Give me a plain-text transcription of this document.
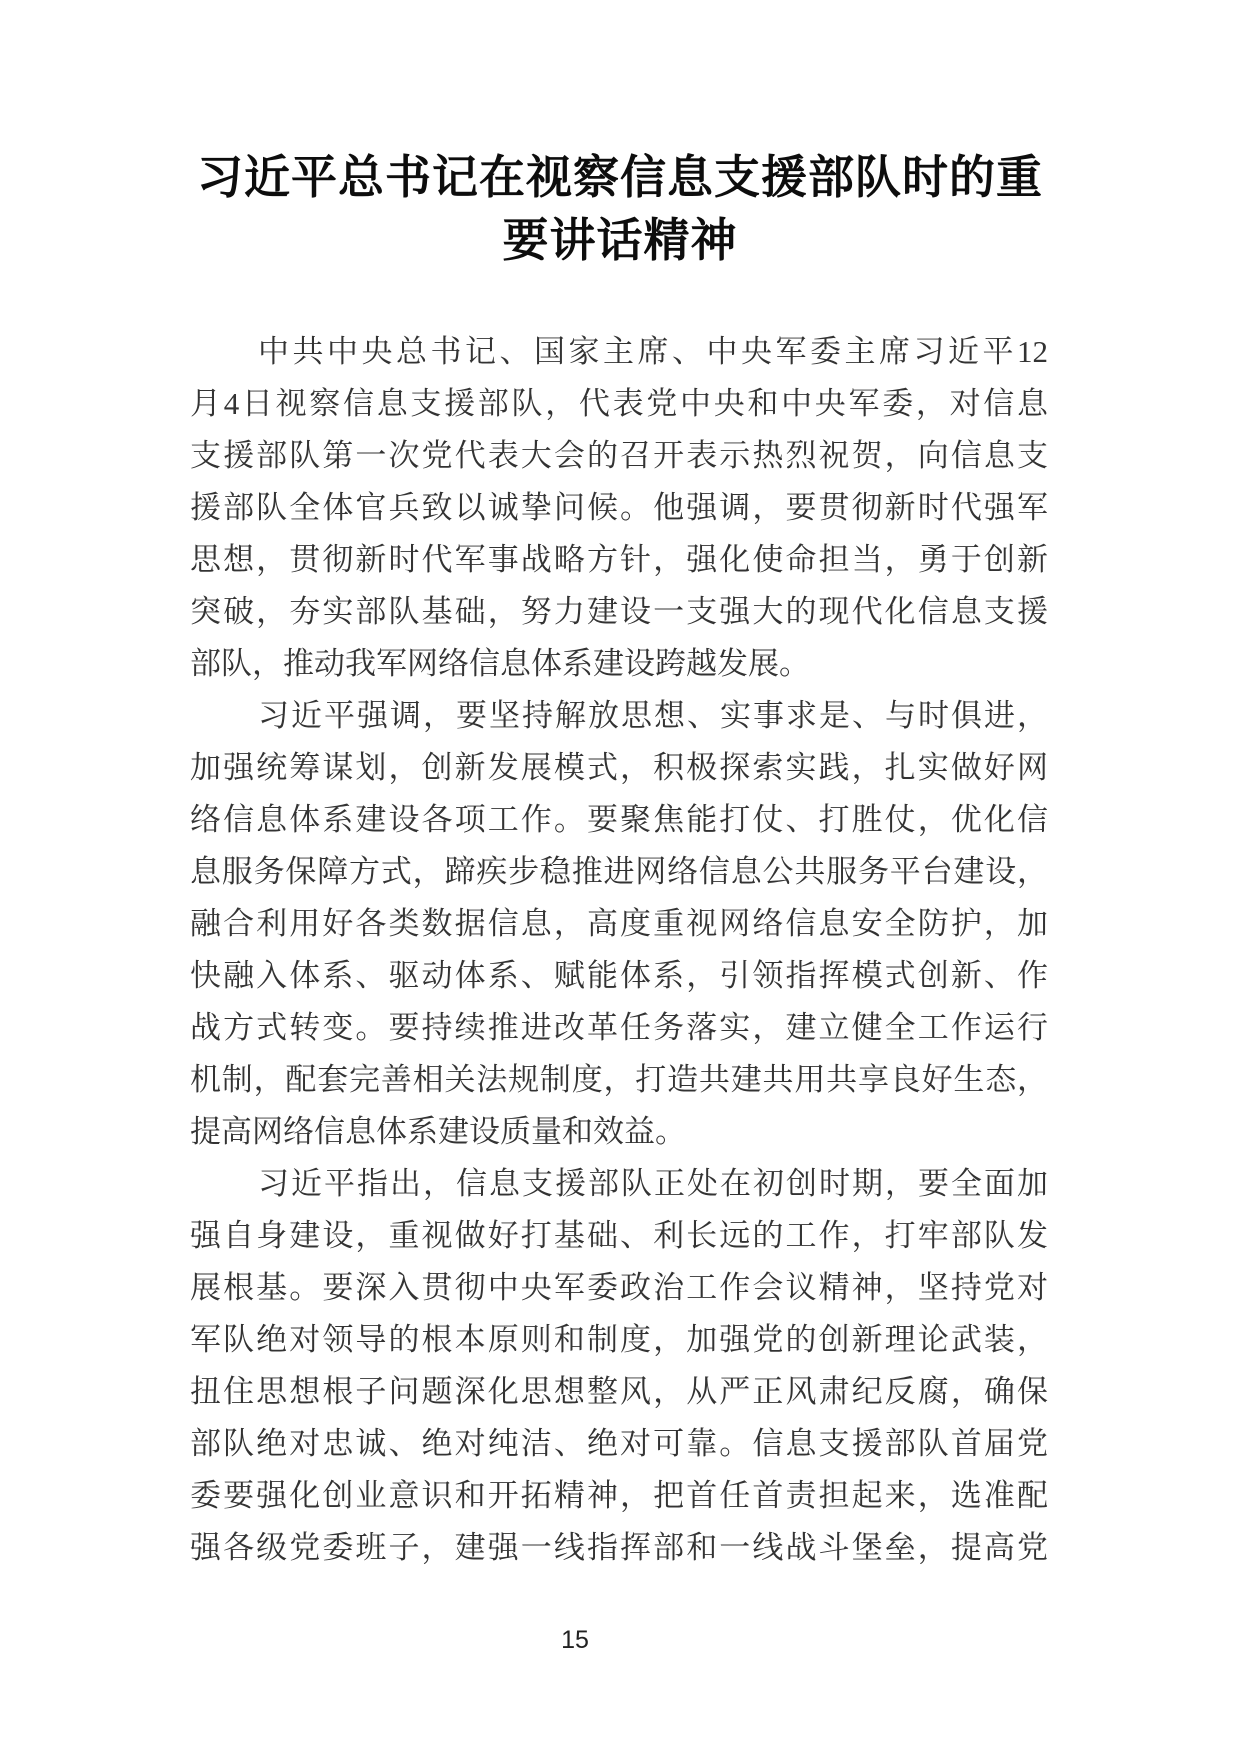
习近平总书记在视察信息支援部队时的重
要讲话精神
中共中央总书记、国家主席、中央军委主席习近平12
月4日视察信息支援部队，代表党中央和中央军委，对信息
支援部队第一次党代表大会的召开表示热烈祝贺，向信息支
援部队全体官兵致以诚挚问候。他强调，要贯彻新时代强军
思想，贯彻新时代军事战略方针，强化使命担当，勇于创新
突破，夯实部队基础，努力建设一支强大的现代化信息支援
部队，推动我军网络信息体系建设跨越发展。
习近平强调，要坚持解放思想、实事求是、与时俱进，
加强统筹谋划，创新发展模式，积极探索实践，扎实做好网
络信息体系建设各项工作。要聚焦能打仗、打胜仗，优化信
息服务保障方式，蹄疾步稳推进网络信息公共服务平台建设，
融合利用好各类数据信息，高度重视网络信息安全防护，加
快融入体系、驱动体系、赋能体系，引领指挥模式创新、作
战方式转变。要持续推进改革任务落实，建立健全工作运行
机制，配套完善相关法规制度，打造共建共用共享良好生态，
提高网络信息体系建设质量和效益。
习近平指出，信息支援部队正处在初创时期，要全面加
强自身建设，重视做好打基础、利长远的工作，打牢部队发
展根基。要深入贯彻中央军委政治工作会议精神，坚持党对
军队绝对领导的根本原则和制度，加强党的创新理论武装，
扭住思想根子问题深化思想整风，从严正风肃纪反腐，确保
部队绝对忠诚、绝对纯洁、绝对可靠。信息支援部队首届党
委要强化创业意识和开拓精神，把首任首责担起来，选准配
强各级党委班子，建强一线指挥部和一线战斗堡垒，提高党
15
